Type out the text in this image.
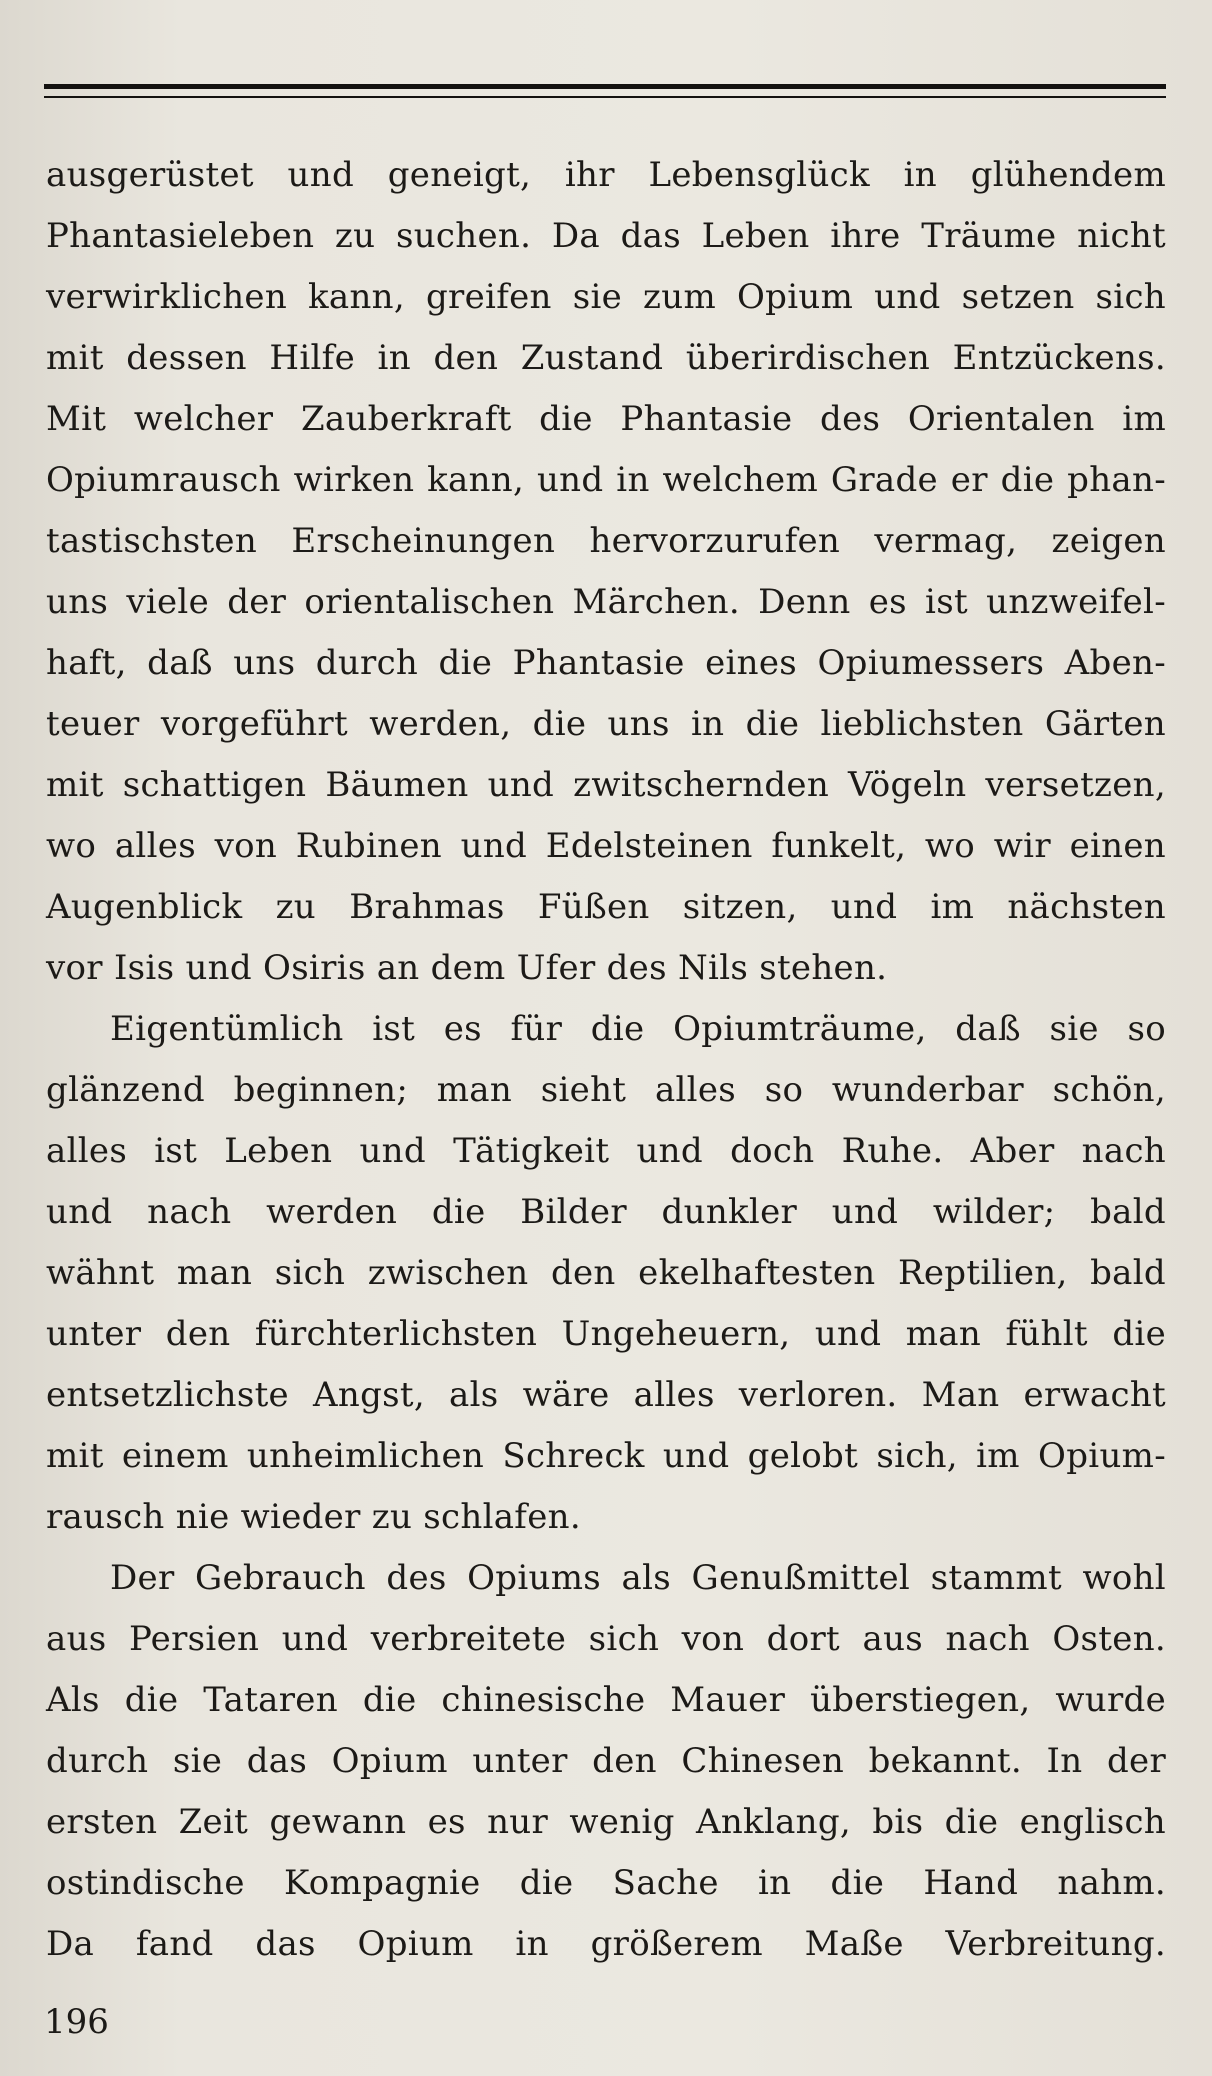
ausgerüstet und geneigt, ihr Lebensglück in glühendem
Phantasieleben zu suchen. Da das Leben ihre Träume nicht
verwirklichen kann, greifen sie zum Opium und setzen sich
mit dessen Hilfe in den Zustand überirdischen Entzückens.
Mit welcher Zauberkraft die Phantasie des Orientalen im
Opiumrausch wirken kann, und in welchem Grade er die phan-
tastischsten Erscheinungen hervorzurufen vermag, zeigen
uns viele der orientalischen Märchen. Denn es ist unzweifel-
haft, daß uns durch die Phantasie eines Opiumessers Aben-
teuer vorgeführt werden, die uns in die lieblichsten Gärten
mit schattigen Bäumen und zwitschernden Vögeln versetzen,
wo alles von Rubinen und Edelsteinen funkelt, wo wir einen
Augenblick zu Brahmas Füßen sitzen, und im nächsten
vor Isis und Osiris an dem Ufer des Nils stehen.

Eigentümlich ist es für die Opiumträume, daß sie so
glänzend beginnen; man sieht alles so wunderbar schön,
alles ist Leben und Tätigkeit und doch Ruhe. Aber nach
und nach werden die Bilder dunkler und wilder; bald
wähnt man sich zwischen den ekelhaftesten Reptilien, bald
unter den fürchterlichsten Ungeheuern, und man fühlt die
entsetzlichste Angst, als wäre alles verloren. Man erwacht
mit einem unheimlichen Schreck und gelobt sich, im Opium-
rausch nie wieder zu schlafen.

Der Gebrauch des Opiums als Genußmittel stammt wohl
aus Persien und verbreitete sich von dort aus nach Osten.
Als die Tataren die chinesische Mauer überstiegen, wurde
durch sie das Opium unter den Chinesen bekannt. In der
ersten Zeit gewann es nur wenig Anklang, bis die englisch
ostindische Kompagnie die Sache in die Hand nahm.
Da fand das Opium in größerem Maße Verbreitung.

196
